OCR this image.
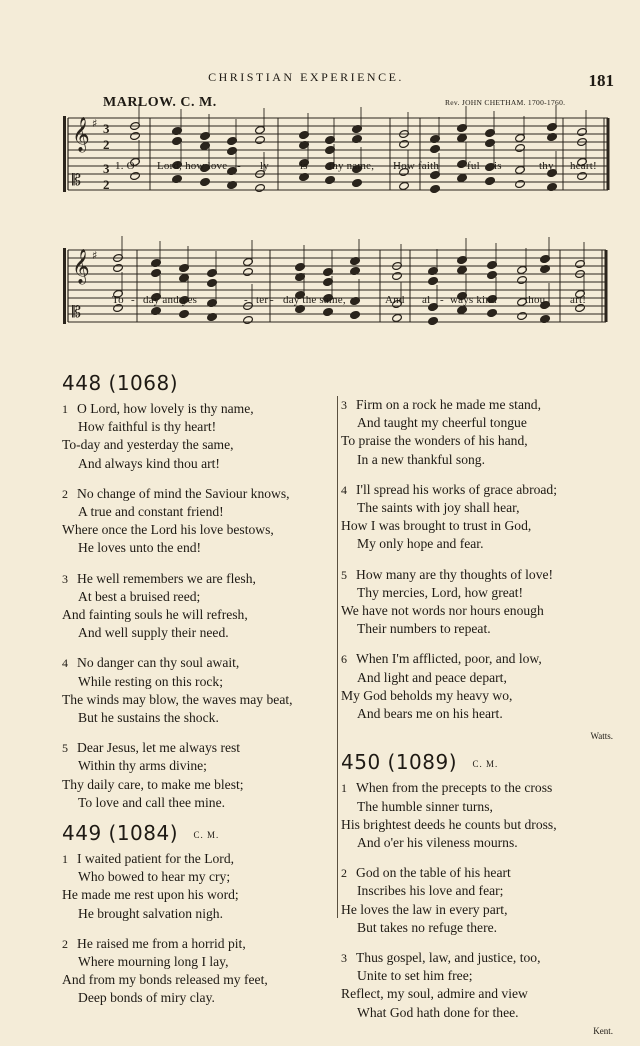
CHRISTIAN EXPERIENCE.	181
MARLOW. C. M.	Rev. JOHN CHETHAM. 1700-1760.
𝄞
𝄡
♯ 3
2
3
2
𝄞
𝄡
♯
1. O Lord, how love - ly	is thy name, How faith - ful is	thy heart!
To - day and yes	- ter - day the same,	And al - ways kind	thou art!
448 (1068)
1 O Lord, how lovely is thy name,
How faithful is thy heart!
To-day and yesterday the same,
And always kind thou art!
2 No change of mind the Saviour knows,
A true and constant friend!
Where once the Lord his love bestows,
He loves unto the end!
3 He well remembers we are flesh,
At best a bruised reed;
And fainting souls he will refresh,
And well supply their need.
4 No danger can thy soul await,
While resting on this rock;
The winds may blow, the waves may beat,
But he sustains the shock.
5 Dear Jesus, let me always rest
Within thy arms divine;
Thy daily care, to make me blest;
To love and call thee mine.
449 (1084) C. M.
1 I waited patient for the Lord,
Who bowed to hear my cry;
He made me rest upon his word;
He brought salvation nigh.
2 He raised me from a horrid pit,
Where mourning long I lay,
And from my bonds released my feet,
Deep bonds of miry clay.
3 Firm on a rock he made me stand,
And taught my cheerful tongue
To praise the wonders of his hand,
In a new thankful song.
4 I'll spread his works of grace abroad;
The saints with joy shall hear,
How I was brought to trust in God,
My only hope and fear.
5 How many are thy thoughts of love!
Thy mercies, Lord, how great!
We have not words nor hours enough
Their numbers to repeat.
6 When I'm afflicted, poor, and low,
And light and peace depart,
My God beholds my heavy wo,
And bears me on his heart.
Watts.
450 (1089) C. M.
1 When from the precepts to the cross
The humble sinner turns,
His brightest deeds he counts but dross,
And o'er his vileness mourns.
2 God on the table of his heart
Inscribes his love and fear;
He loves the law in every part,
But takes no refuge there.
3 Thus gospel, law, and justice, too,
Unite to set him free;
Reflect, my soul, admire and view
What God hath done for thee.
Kent.
